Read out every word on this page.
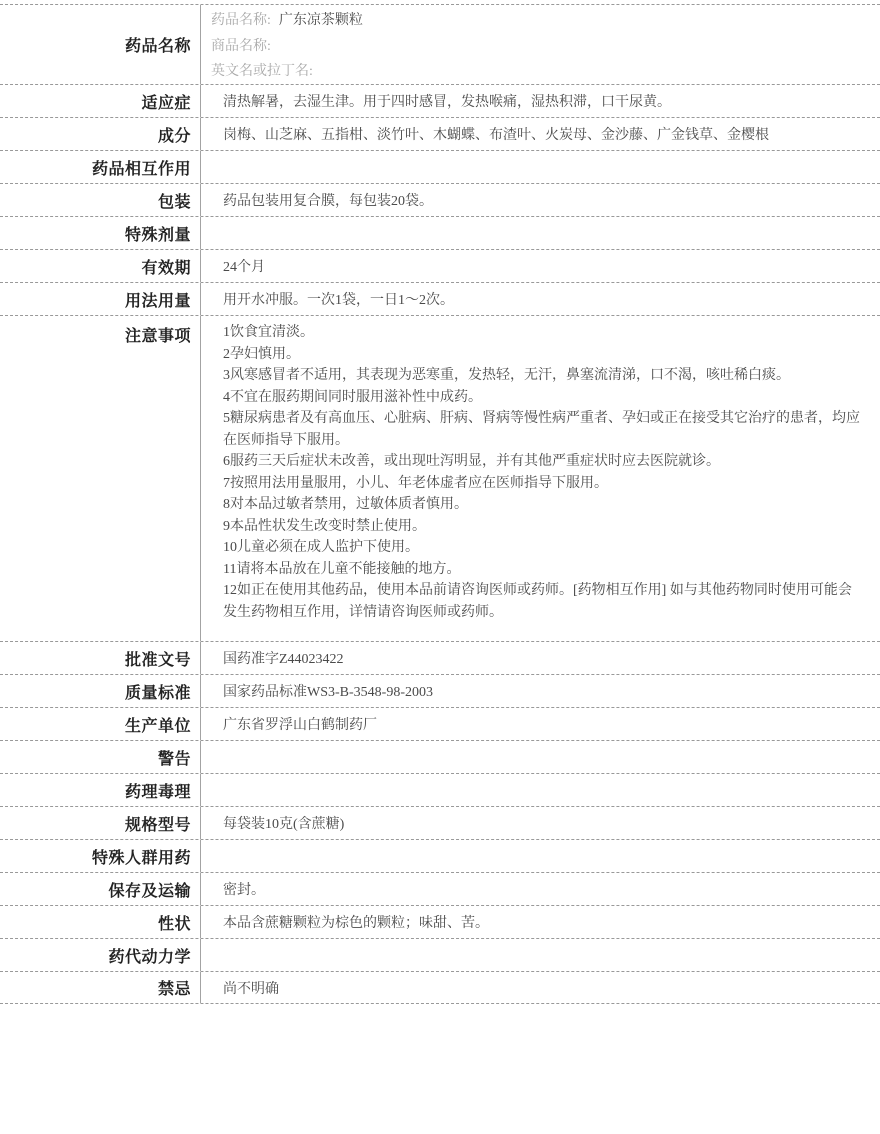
药品名称
药品名称: 广东凉茶颗粒
商品名称:
英文名或拉丁名:
适应症	清热解暑，去湿生津。用于四时感冒，发热喉痛，湿热积滞，口干尿黄。
成分	岗梅、山芝麻、五指柑、淡竹叶、木蝴蝶、布渣叶、火炭母、金沙藤、广金钱草、金樱根
药品相互作用
包装	药品包装用复合膜，每包装20袋。
特殊剂量
有效期	24个月
用法用量	用开水冲服。一次1袋，一日1～2次。
注意事项	1饮食宜清淡。
2孕妇慎用。
3风寒感冒者不适用，其表现为恶寒重，发热轻，无汗，鼻塞流清涕，口不渴，咳吐稀白痰。
4不宜在服药期间同时服用滋补性中成药。
5糖尿病患者及有高血压、心脏病、肝病、肾病等慢性病严重者、孕妇或正在接受其它治疗的患者，均应在医师指导下服用。
6服药三天后症状未改善，或出现吐泻明显，并有其他严重症状时应去医院就诊。
7按照用法用量服用，小儿、年老体虚者应在医师指导下服用。
8对本品过敏者禁用，过敏体质者慎用。
9本品性状发生改变时禁止使用。
10儿童必须在成人监护下使用。
11请将本品放在儿童不能接触的地方。
12如正在使用其他药品，使用本品前请咨询医师或药师。[药物相互作用] 如与其他药物同时使用可能会发生药物相互作用，详情请咨询医师或药师。
批准文号	国药准字Z44023422
质量标准	国家药品标准WS3-B-3548-98-2003
生产单位	广东省罗浮山白鹤制药厂
警告
药理毒理
规格型号	每袋装10克(含蔗糖)
特殊人群用药
保存及运输	密封。
性状	本品含蔗糖颗粒为棕色的颗粒；味甜、苦。
药代动力学
禁忌	尚不明确
